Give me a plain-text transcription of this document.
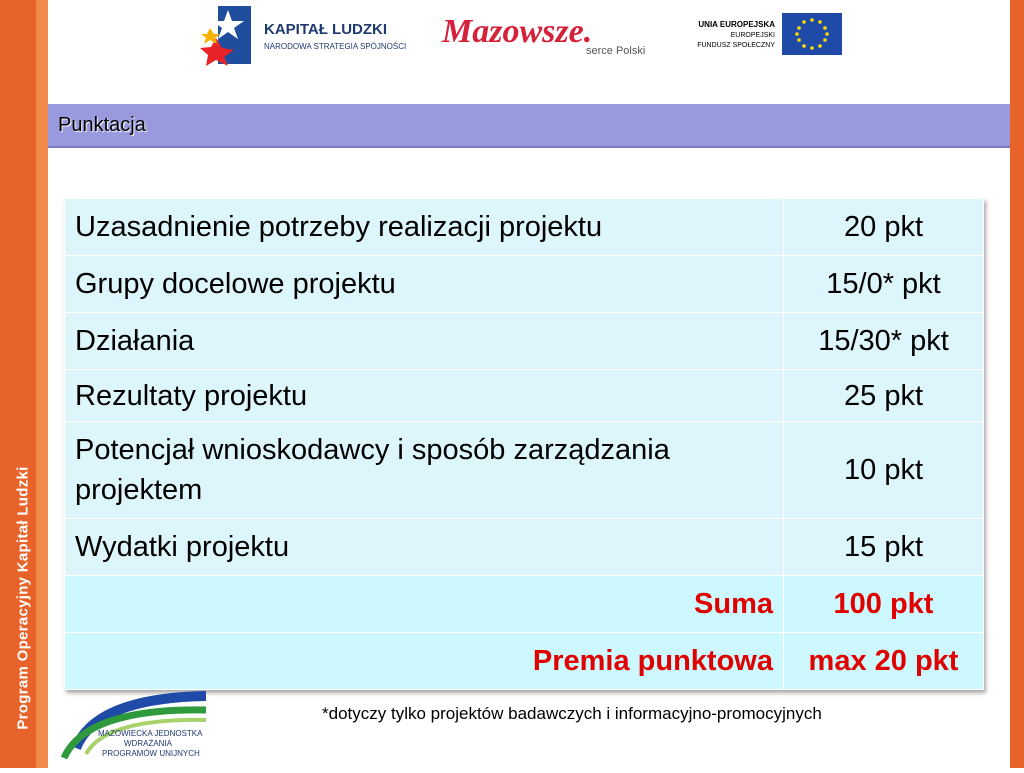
Program Operacyjny Kapitał Ludzki
KAPITAŁ LUDZKI
NARODOWA STRATEGIA SPÓJNOŚCI Mazowsze.
serce Polski
UNIA EUROPEJSKA
EUROPEJSKI
FUNDUSZ SPOŁECZNY
Punktacja
Uzasadnienie potrzeby realizacji projektu	20 pkt
Grupy docelowe projektu	15/0* pkt
Działania	15/30* pkt
Rezultaty projektu	25 pkt
Potencjał wnioskodawcy i sposób zarządzania projektem	10 pkt
Wydatki projektu	15 pkt
Suma	100 pkt
Premia punktowa	max 20 pkt
MAZOWIECKA JEDNOSTKA
WDRAŻANIA
PROGRAMÓW UNIJNYCH
*dotyczy tylko projektów badawczych i informacyjno-promocyjnych
